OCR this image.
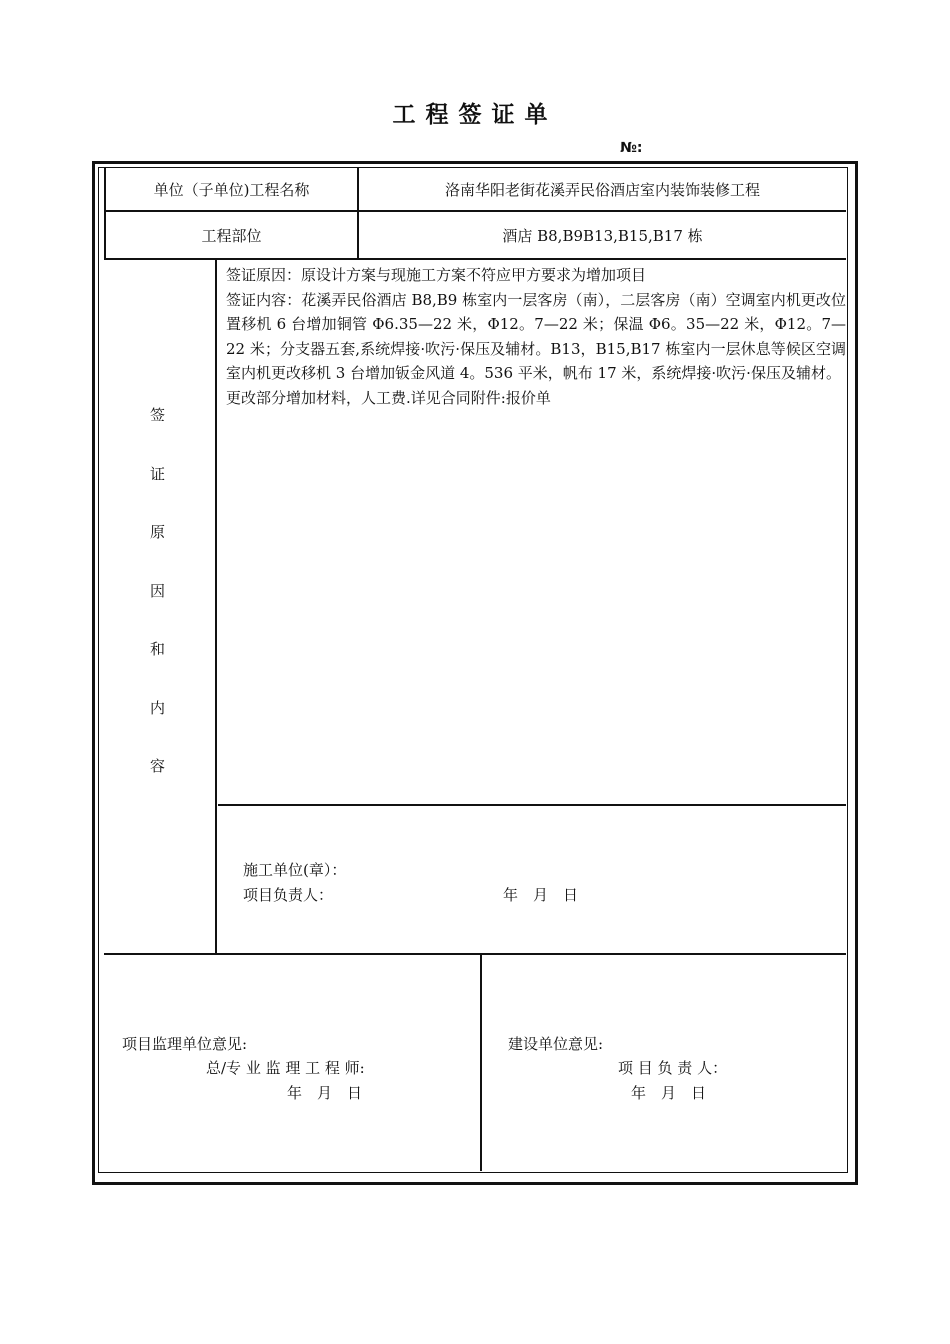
工程签证单
№:
单位（子单位)工程名称	洛南华阳老街花溪弄民俗酒店室内装饰装修工程
工程部位	酒店 B8,B9B13,B15,B17 栋
签
证
原
因
和
内
容

签证原因：原设计方案与现施工方案不符应甲方要求为增加项目

签证内容：花溪弄民俗酒店 B8,B9 栋室内一层客房（南），二层客房（南）空调室内机更改位置移机 6 台增加铜管 Φ6.35—22 米，Φ12。7—22 米；保温 Φ6。35—22 米，Φ12。7—22 米；分支器五套,系统焊接·吹污·保压及辅材。B13，B15,B17 栋室内一层休息等候区空调室内机更改移机 3 台增加钣金风道 4。536 平米，帆布 17 米，系统焊接·吹污·保压及辅材。

更改部分增加材料，人工费.详见合同附件:报价单

施工单位(章）：
项目负责人：	年　月　日
项目监理单位意见:
总/专 业 监 理 工 程 师:
年　月　日
建设单位意见:
项 目 负 责 人：
年　月　日
